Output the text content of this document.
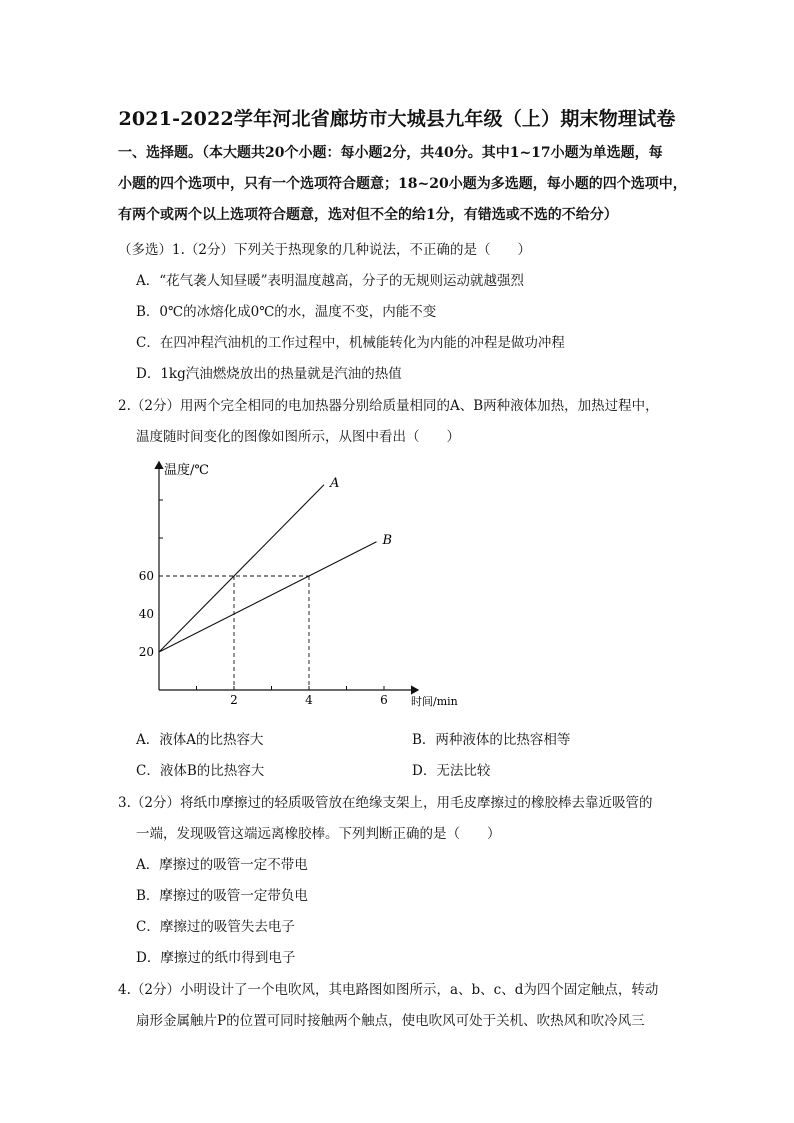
2021-2022学年河北省廊坊市大城县九年级（上）期末物理试卷
一、选择题。（本大题共20个小题：每小题2分，共40分。其中1~17小题为单选题，每
小题的四个选项中，只有一个选项符合题意；18~20小题为多选题，每小题的四个选项中，
有两个或两个以上选项符合题意，选对但不全的给1分，有错选或不选的不给分）
（多选）1.（2分）下列关于热现象的几种说法，不正确的是（　　）
A．“花气袭人知昼暖”表明温度越高，分子的无规则运动就越强烈
B．0℃的冰熔化成0℃的水，温度不变，内能不变
C．在四冲程汽油机的工作过程中，机械能转化为内能的冲程是做功冲程
D．1kg汽油燃烧放出的热量就是汽油的热值
2.（2分）用两个完全相同的电加热器分别给质量相同的A、B两种液体加热，加热过程中，
温度随时间变化的图像如图所示，从图中看出（　　）
温度/℃
时间/min
2	4	6
20
40
60
A
B
A．液体A的比热容大	B．两种液体的比热容相等
C．液体B的比热容大	D．无法比较
3.（2分）将纸巾摩擦过的轻质吸管放在绝缘支架上，用毛皮摩擦过的橡胶棒去靠近吸管的
一端，发现吸管这端远离橡胶棒。下列判断正确的是（　　）
A．摩擦过的吸管一定不带电
B．摩擦过的吸管一定带负电
C．摩擦过的吸管失去电子
D．摩擦过的纸巾得到电子
4.（2分）小明设计了一个电吹风，其电路图如图所示，a、b、c、d为四个固定触点，转动
扇形金属触片P的位置可同时接触两个触点，使电吹风可处于关机、吹热风和吹冷风三
